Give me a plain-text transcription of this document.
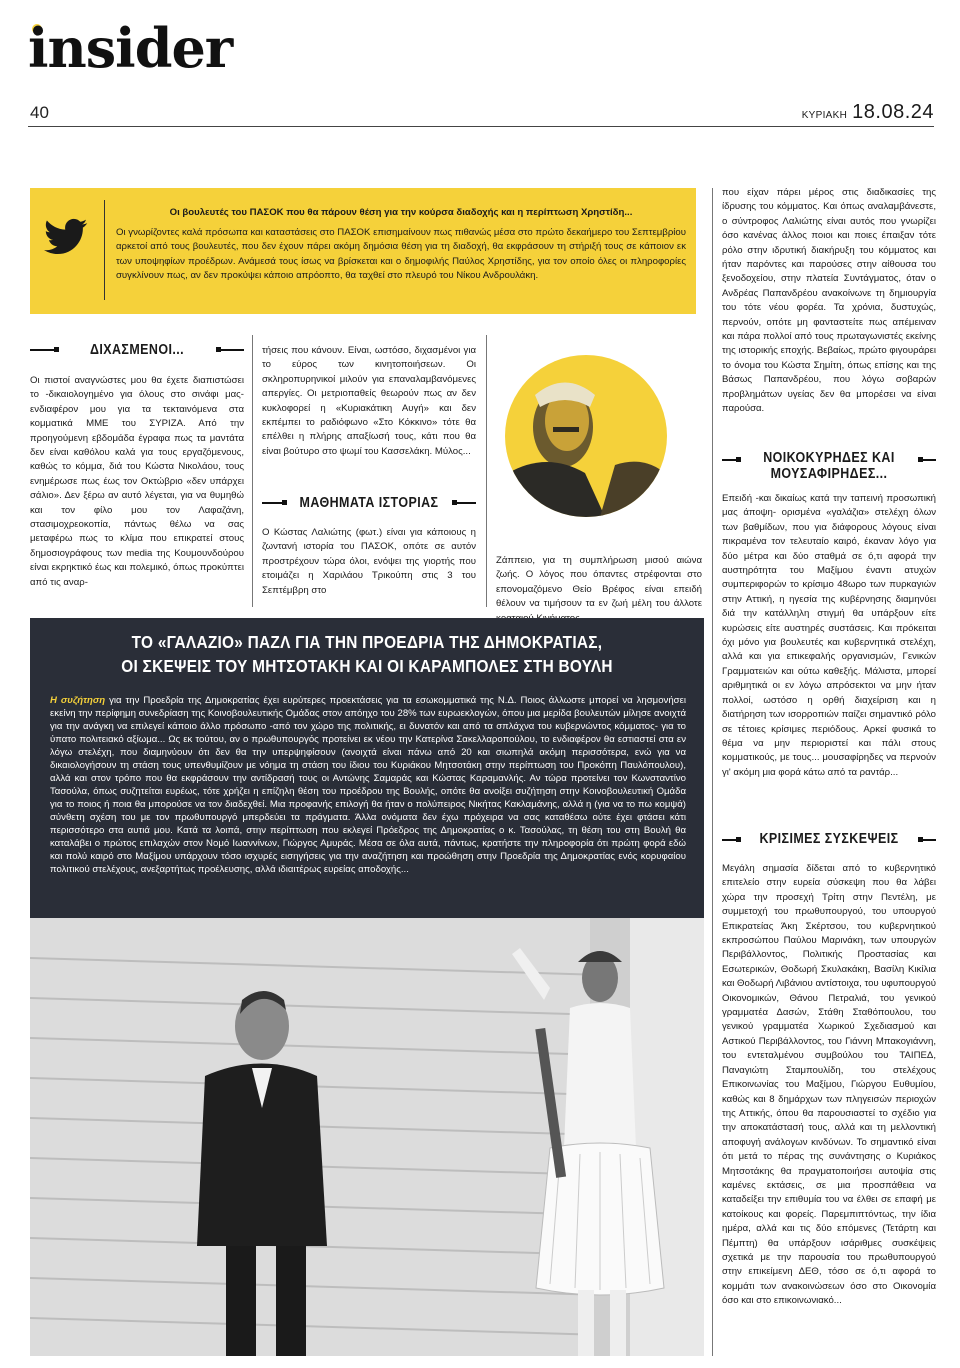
insider
40	ΚΥΡΙΑΚΗ 18.08.24
Οι βουλευτές του ΠΑΣΟΚ που θα πάρουν θέση για την κούρσα διαδοχής και η περίπτωση Χρηστίδη...
Οι γνωρίζοντες καλά πρόσωπα και καταστάσεις στο ΠΑΣΟΚ επισημαίνουν πως πιθανώς μέσα στο πρώτο δεκαήμερο του Σεπτεμβρίου αρκετοί από τους βουλευτές, που δεν έχουν πάρει ακόμη δημόσια θέση για τη διαδοχή, θα εκφράσουν τη στήριξή τους σε κάποιον εκ των υποψηφίων προέδρων. Ανάμεσά τους ίσως να βρίσκεται και ο δημοφιλής Παύλος Χρηστίδης, για τον οποίο όλες οι πληροφορίες συγκλίνουν πως, αν δεν προκύψει κάποιο απρόοπτο, θα ταχθεί στο πλευρό του Νίκου Ανδρουλάκη.
ΔΙΧΑΣΜΕΝΟΙ...
Οι πιστοί αναγνώστες μου θα έχετε διαπιστώσει το -δικαιολογημένο για όλους στο σινάφι μας- ενδιαφέρον μου για τα τεκταινόμενα στα κομματικά ΜΜΕ του ΣΥΡΙΖΑ. Από την προηγούμενη εβδομάδα έγραφα πως τα μαντάτα δεν είναι καθόλου καλά για τους εργαζόμενους, καθώς το κόμμα, διά του Κώστα Νικολάου, τους ενημέρωσε πως έως τον Οκτώβριο «δεν υπάρχει σάλιο». Δεν ξέρω αν αυτό λέγεται, για να θυμηθώ και τον φίλο μου τον Λαφαζάνη, στασιμοχρεοκοπία, πάντως θέλω να σας μεταφέρω πως το κλίμα που επικρατεί στους δημοσιογράφους των media της Κουμουνδούρου είναι εκρηκτικό έως και πολεμικό, όπως προκύπτει από τις αναρ-
τήσεις που κάνουν. Είναι, ωστόσο, διχασμένοι για το εύρος των κινητοποιήσεων. Οι σκληροπυρηνικοί μιλούν για επαναλαμβανόμενες απεργίες. Οι μετριοπαθείς θεωρούν πως αν δεν κυκλοφορεί η «Κυριακάτικη Αυγή» και δεν εκπέμπει το ραδιόφωνο «Στο Κόκκινο» τότε θα επέλθει η πλήρης απαξίωσή τους, κάτι που θα είναι βούτυρο στο ψωμί του Κασσελάκη. Μύλος...
ΜΑΘΗΜΑΤΑ ΙΣΤΟΡΙΑΣ
Ο Κώστας Λαλιώτης (φωτ.) είναι για κάποιους η ζωντανή ιστορία του ΠΑΣΟΚ, οπότε σε αυτόν προστρέχουν τώρα όλοι, ενόψει της γιορτής που ετοιμάζει η Χαριλάου Τρικούπη στις 3 του Σεπτέμβρη στο
Ζάππειο, για τη συμπλήρωση μισού αιώνα ζωής. Ο λόγος που όπαντες στρέφονται στο επονομαζόμενο Θείο Βρέφος είναι επειδή θέλουν να τιμήσουν τα εν ζωή μέλη του άλλοτε
που είχαν πάρει μέρος στις διαδικασίες της ίδρυσης του κόμματος. Και όπως αναλαμβάνεστε, ο σύντροφος Λαλιώτης είναι αυτός που γνωρίζει όσο κανένας άλλος ποιοι και ποιες έπαιξαν τότε ρόλο στην ιδρυτική διακήρυξη του κόμματος και ήταν παρόντες και παρούσες στην αίθουσα του ξενοδοχείου, στην πλατεία Συντάγματος, όταν ο Ανδρέας Παπανδρέου ανακοίνωνε τη δημιουργία του τότε νέου φορέα. Τα χρόνια, δυστυχώς, περνούν, οπότε μη φανταστείτε πως απέμειναν και πάρα πολλοί από τους πρωταγωνιστές εκείνης της ιστορικής εποχής. Βεβαίως, πρώτο φιγουράρει το όνομα του Κώστα Σημίτη, όπως επίσης και της Βάσως Παπανδρέου, που λόγω σοβαρών προβλημάτων υγείας δεν θα μπορέσει να είναι παρούσα.
ΝΟΙΚΟΚΥΡΗΔΕΣ ΚΑΙ ΜΟΥΣΑΦΙΡΗΔΕΣ...
Επειδή -και δικαίως κατά την ταπεινή προσωπική μας άποψη- ορισμένα «γαλάζια» στελέχη όλων των βαθμίδων, που για διάφορους λόγους είναι πικραμένα τον τελευταίο καιρό, έκαναν λόγο για δύο μέτρα και δύο σταθμά σε ό,τι αφορά την αυστηρότητα του Μαξίμου έναντι ατυχών συμπεριφορών το κρίσιμο 48ωρο των πυρκαγιών στην Αττική, η ηγεσία της κυβέρνησης διαμηνύει διά την κατάλληλη στιγμή θα υπάρξουν είτε κυρώσεις είτε αυστηρές συστάσεις. Και πρόκειται όχι μόνο για βουλευτές και κυβερνητικά στελέχη, αλλά και για επικεφαλής οργανισμών, Γενικών Γραμματειών και ούτω καθεξής. Μάλιστα, μπορεί αριθμητικά οι εν λόγω απρόσεκτοι να μην ήταν πολλοί, ωστόσο η ορθή διαχείριση και η διατήρηση των ισορροπιών παίζει σημαντικό ρόλο σε τέτοιες κρίσιμες περιόδους. Αρκεί φυσικά το θέμα να μην περιοριστεί και πάλι στους κομματικούς, με τους... μουσαφίρηδες να περνούν γι' ακόμη μια φορά κάτω από τα ραντάρ...
ΚΡΙΣΙΜΕΣ ΣΥΣΚΕΨΕΙΣ
Μεγάλη σημασία δίδεται από το κυβερνητικό επιτελείο στην ευρεία σύσκεψη που θα λάβει χώρα την προσεχή Τρίτη στην Πεντέλη, με συμμετοχή του πρωθυπουργού, του υπουργού Επικρατείας Άκη Σκέρτσου, του κυβερνητικού εκπροσώπου Παύλου Μαρινάκη, των υπουργών Περιβάλλοντος, Πολιτικής Προστασίας και Εσωτερικών, Θοδωρή Σκυλακάκη, Βασίλη Κικίλια και Θοδωρή Λιβάνιου αντίστοιχα, του υφυπουργού Οικονομικών, Θάνου Πετραλιά, του γενικού γραμματέα Δασών, Στάθη Σταθόπουλου, του γενικού γραμματέα Χωρικού Σχεδιασμού και Αστικού Περιβάλλοντος, του Γιάννη Μπακογιάννη, του εντεταλμένου συμβούλου του ΤΑΙΠΕΔ, Παναγιώτη Σταμπουλίδη, του στελέχους Επικοινωνίας του Μαξίμου, Γιώργου Ευθυμίου, καθώς και 8 δημάρχων των πληγεισών περιοχών της Αττικής, όπου θα παρουσιαστεί το σχέδιο για την αποκατάστασή τους, αλλά και τη μελλοντική αποφυγή ανάλογων κινδύνων. Το σημαντικό είναι ότι μετά το πέρας της συνάντησης ο Κυριάκος Μητσοτάκης θα πραγματοποιήσει αυτοψία στις καμένες εκτάσεις, σε μια προσπάθεια να καταδείξει την επιθυμία του να έλθει σε επαφή με κατοίκους και φορείς. Παρεμπιπτόντως, την ίδια ημέρα, αλλά και τις δύο επόμενες (Τετάρτη και Πέμπτη) θα υπάρξουν ισάριθμες συσκέψεις σχετικά με την παρουσία του πρωθυπουργού στην επικείμενη ΔΕΘ, τόσο σε ό,τι αφορά το κομμάτι των ανακοινώσεων όσο στο Οικονομία όσο και στο επικοινωνιακό...
ΤΟ «ΓΑΛΑΖΙΟ» ΠΑΖΛ ΓΙΑ ΤΗΝ ΠΡΟΕΔΡΙΑ ΤΗΣ ΔΗΜΟΚΡΑΤΙΑΣ,
ΟΙ ΣΚΕΨΕΙΣ ΤΟΥ ΜΗΤΣΟΤΑΚΗ ΚΑΙ ΟΙ ΚΑΡΑΜΠΟΛΕΣ ΣΤΗ ΒΟΥΛΗ
Η συζήτηση για την Προεδρία της Δημοκρατίας έχει ευρύτερες προεκτάσεις για τα εσωκομματικά της Ν.Δ. Ποιος άλλωστε μπορεί να λησμονήσει εκείνη την περίφημη συνεδρίαση της Κοινοβουλευτικής Ομάδας στον απόηχο του 28% των ευρωεκλογών, όπου μια μερίδα βουλευτών μίλησε ανοιχτά για την ανάγκη να επιλεγεί κάποιο άλλο πρόσωπο -από τον χώρο της πολιτικής, ει δυνατόν και από τα σπλάχνα του κυβερνώντος κόμματος- για το ύπατο πολιτειακό αξίωμα... Ως εκ τούτου, αν ο πρωθυπουργός προτείνει εκ νέου την Κατερίνα Σακελλαροπούλου, το ενδιαφέρον θα εστιαστεί στα εν λόγω στελέχη, που διαμηνύουν ότι δεν θα την υπερψηφίσουν (ανοιχτά είναι πάνω από 20 και σιωπηλά ακόμη περισσότερα, ενώ για να δικαιολογήσουν τη στάση τους υπενθυμίζουν με νόημα τη στάση του ίδιου του Κυριάκου Μητσοτάκη στην περίπτωση του Προκόπη Παυλόπουλου), αλλά και στον τρόπο που θα εκφράσουν την αντίδρασή τους οι Αντώνης Σαμαράς και Κώστας Καραμανλής. Αν τώρα προτείνει τον Κωνσταντίνο Τασούλα, όπως συζητείται ευρέως, τότε χρήζει η επίζηλη θέση του προέδρου της Βουλής, οπότε θα ανοίξει συζήτηση στην Κοινοβουλευτική Ομάδα για το ποιος ή ποια θα μπορούσε να τον διαδεχθεί. Μια προφανής επιλογή θα ήταν ο πολύπειρος Νικήτας Κακλαμάνης, αλλά η (για να το πω κομψά) σύνθετη σχέση του με τον πρωθυπουργό μπερδεύει τα πράγματα. Άλλα ονόματα δεν έχω πρόχειρα να σας καταθέσω ούτε έχει φτάσει κάτι περισσότερο στα αυτιά μου. Κατά τα λοιπά, στην περίπτωση που εκλεγεί Πρόεδρος της Δημοκρατίας ο κ. Τασούλας, τη θέση του στη Βουλή θα καταλάβει ο πρώτος επιλαχών στον Νομό Ιωαννίνων, Γιώργος Αμυράς. Μέσα σε όλα αυτά, πάντως, κρατήστε την πληροφορία ότι πρώτη φορά εδώ και πολύ καιρό στο Μαξίμου υπάρχουν τόσο ισχυρές εισηγήσεις για την αναζήτηση και προώθηση στην Προεδρία της Δημοκρατίας ενός κορυφαίου πολιτικού στελέχους, ανεξαρτήτως προέλευσης, αλλά ιδιαιτέρως ευρείας αποδοχής...
